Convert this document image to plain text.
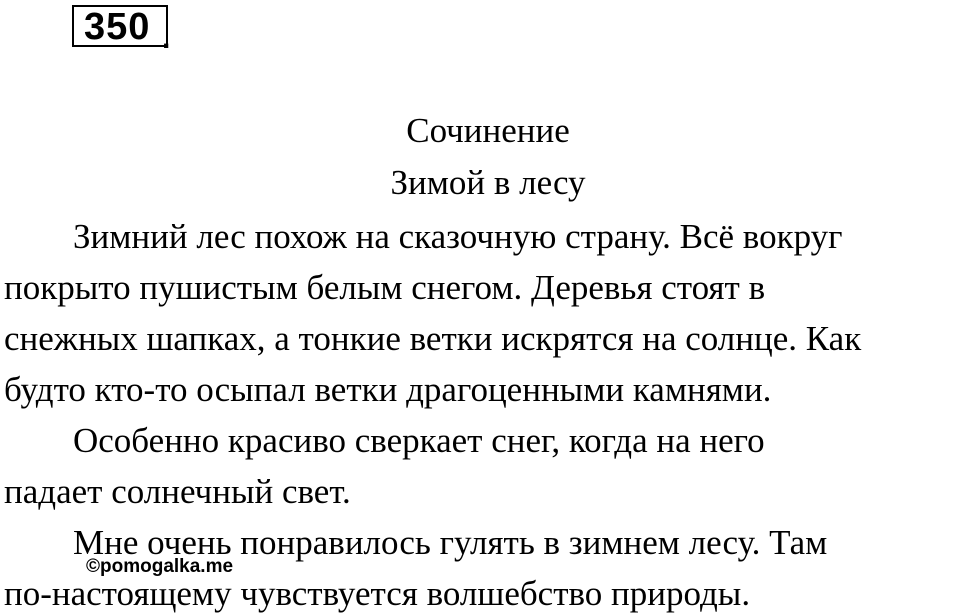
350 .
Сочинение
Зимой в лесу
Зимний лес похож на сказочную страну. Всё вокруг
покрыто пушистым белым снегом. Деревья стоят в
снежных шапках, а тонкие ветки искрятся на солнце. Как
будто кто-то осыпал ветки драгоценными камнями.
Особенно красиво сверкает снег, когда на него
падает солнечный свет.
Мне очень понравилось гулять в зимнем лесу. Там
по-настоящему чувствуется волшебство природы.
©pomogalka.me
